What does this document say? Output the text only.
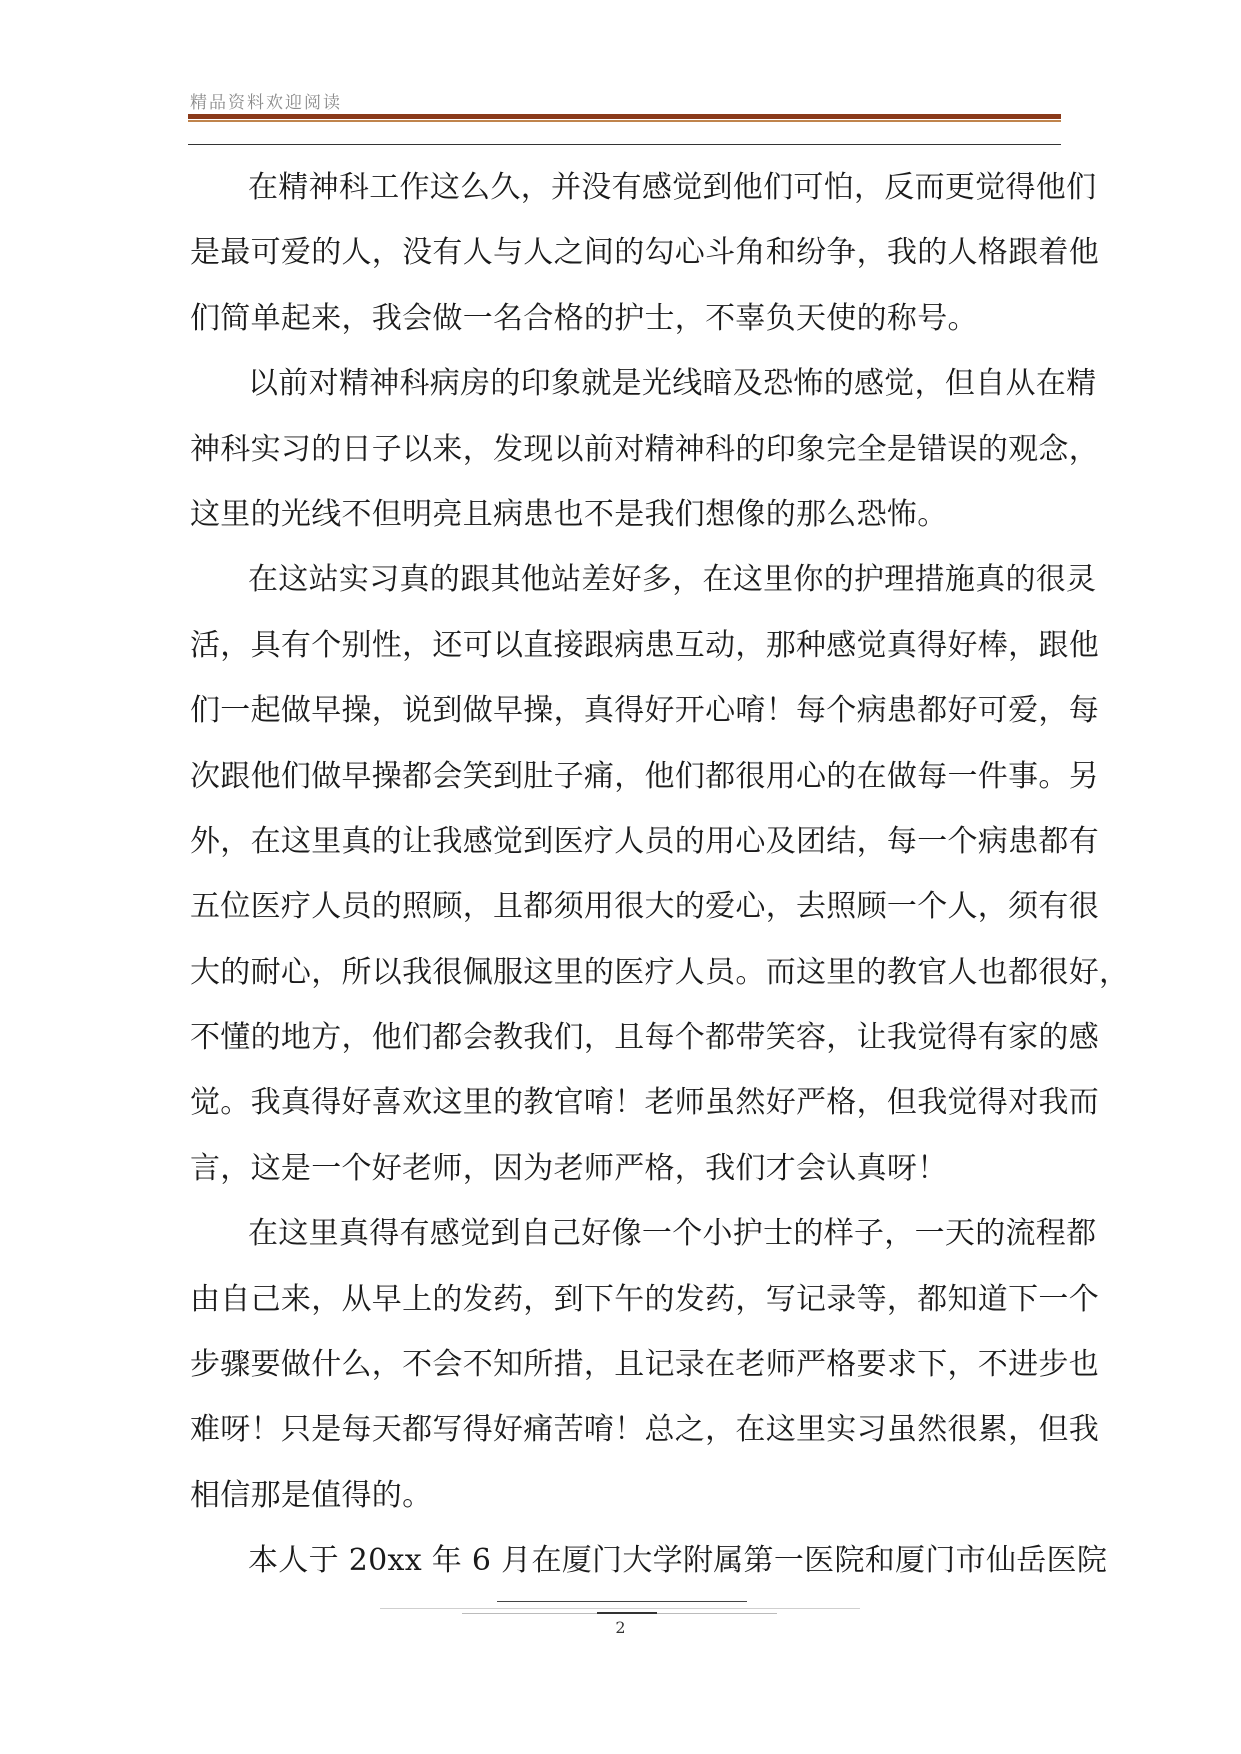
精品资料欢迎阅读
在精神科工作这么久，并没有感觉到他们可怕，反而更觉得他们
是最可爱的人，没有人与人之间的勾心斗角和纷争，我的人格跟着他
们简单起来，我会做一名合格的护士，不辜负天使的称号。
以前对精神科病房的印象就是光线暗及恐怖的感觉，但自从在精
神科实习的日子以来，发现以前对精神科的印象完全是错误的观念，
这里的光线不但明亮且病患也不是我们想像的那么恐怖。
在这站实习真的跟其他站差好多，在这里你的护理措施真的很灵
活，具有个别性，还可以直接跟病患互动，那种感觉真得好棒，跟他
们一起做早操，说到做早操，真得好开心唷！每个病患都好可爱，每
次跟他们做早操都会笑到肚子痛，他们都很用心的在做每一件事。另
外，在这里真的让我感觉到医疗人员的用心及团结，每一个病患都有
五位医疗人员的照顾，且都须用很大的爱心，去照顾一个人，须有很
大的耐心，所以我很佩服这里的医疗人员。而这里的教官人也都很好，
不懂的地方，他们都会教我们，且每个都带笑容，让我觉得有家的感
觉。我真得好喜欢这里的教官唷！老师虽然好严格，但我觉得对我而
言，这是一个好老师，因为老师严格，我们才会认真呀！
在这里真得有感觉到自己好像一个小护士的样子，一天的流程都
由自己来，从早上的发药，到下午的发药，写记录等，都知道下一个
步骤要做什么，不会不知所措，且记录在老师严格要求下，不进步也
难呀！只是每天都写得好痛苦唷！总之，在这里实习虽然很累，但我
相信那是值得的。
本人于 20xx 年 6 月在厦门大学附属第一医院和厦门市仙岳医院
2
